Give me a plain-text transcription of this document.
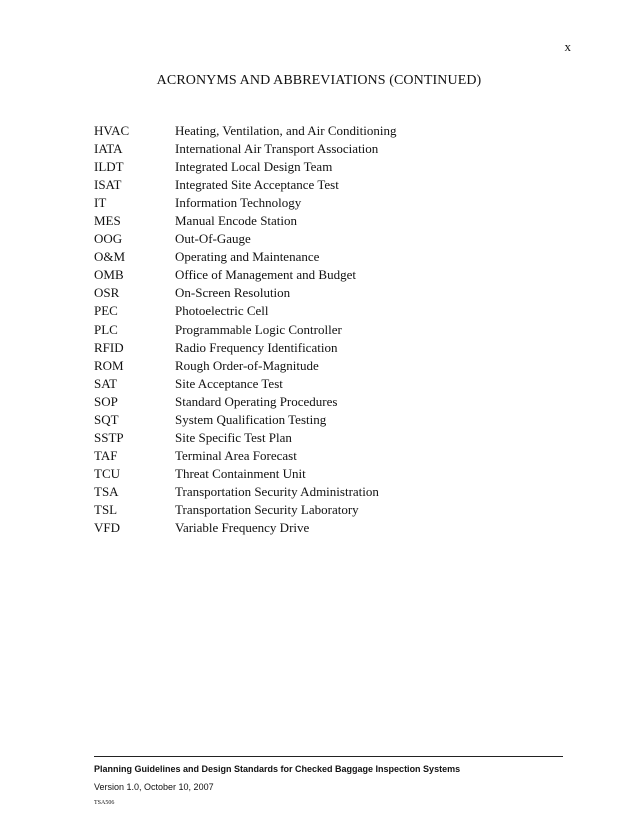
x
ACRONYMS AND ABBREVIATIONS (CONTINUED)
HVAC	Heating, Ventilation, and Air Conditioning
IATA	International Air Transport Association
ILDT	Integrated Local Design Team
ISAT	Integrated Site Acceptance Test
IT	Information Technology
MES	Manual Encode Station
OOG	Out-Of-Gauge
O&M	Operating and Maintenance
OMB	Office of Management and Budget
OSR	On-Screen Resolution
PEC	Photoelectric Cell
PLC	Programmable Logic Controller
RFID	Radio Frequency Identification
ROM	Rough Order-of-Magnitude
SAT	Site Acceptance Test
SOP	Standard Operating Procedures
SQT	System Qualification Testing
SSTP	Site Specific Test Plan
TAF	Terminal Area Forecast
TCU	Threat Containment Unit
TSA	Transportation Security Administration
TSL	Transportation Security Laboratory
VFD	Variable Frequency Drive
Planning Guidelines and Design Standards for Checked Baggage Inspection Systems
Version 1.0, October 10, 2007
TSA506
